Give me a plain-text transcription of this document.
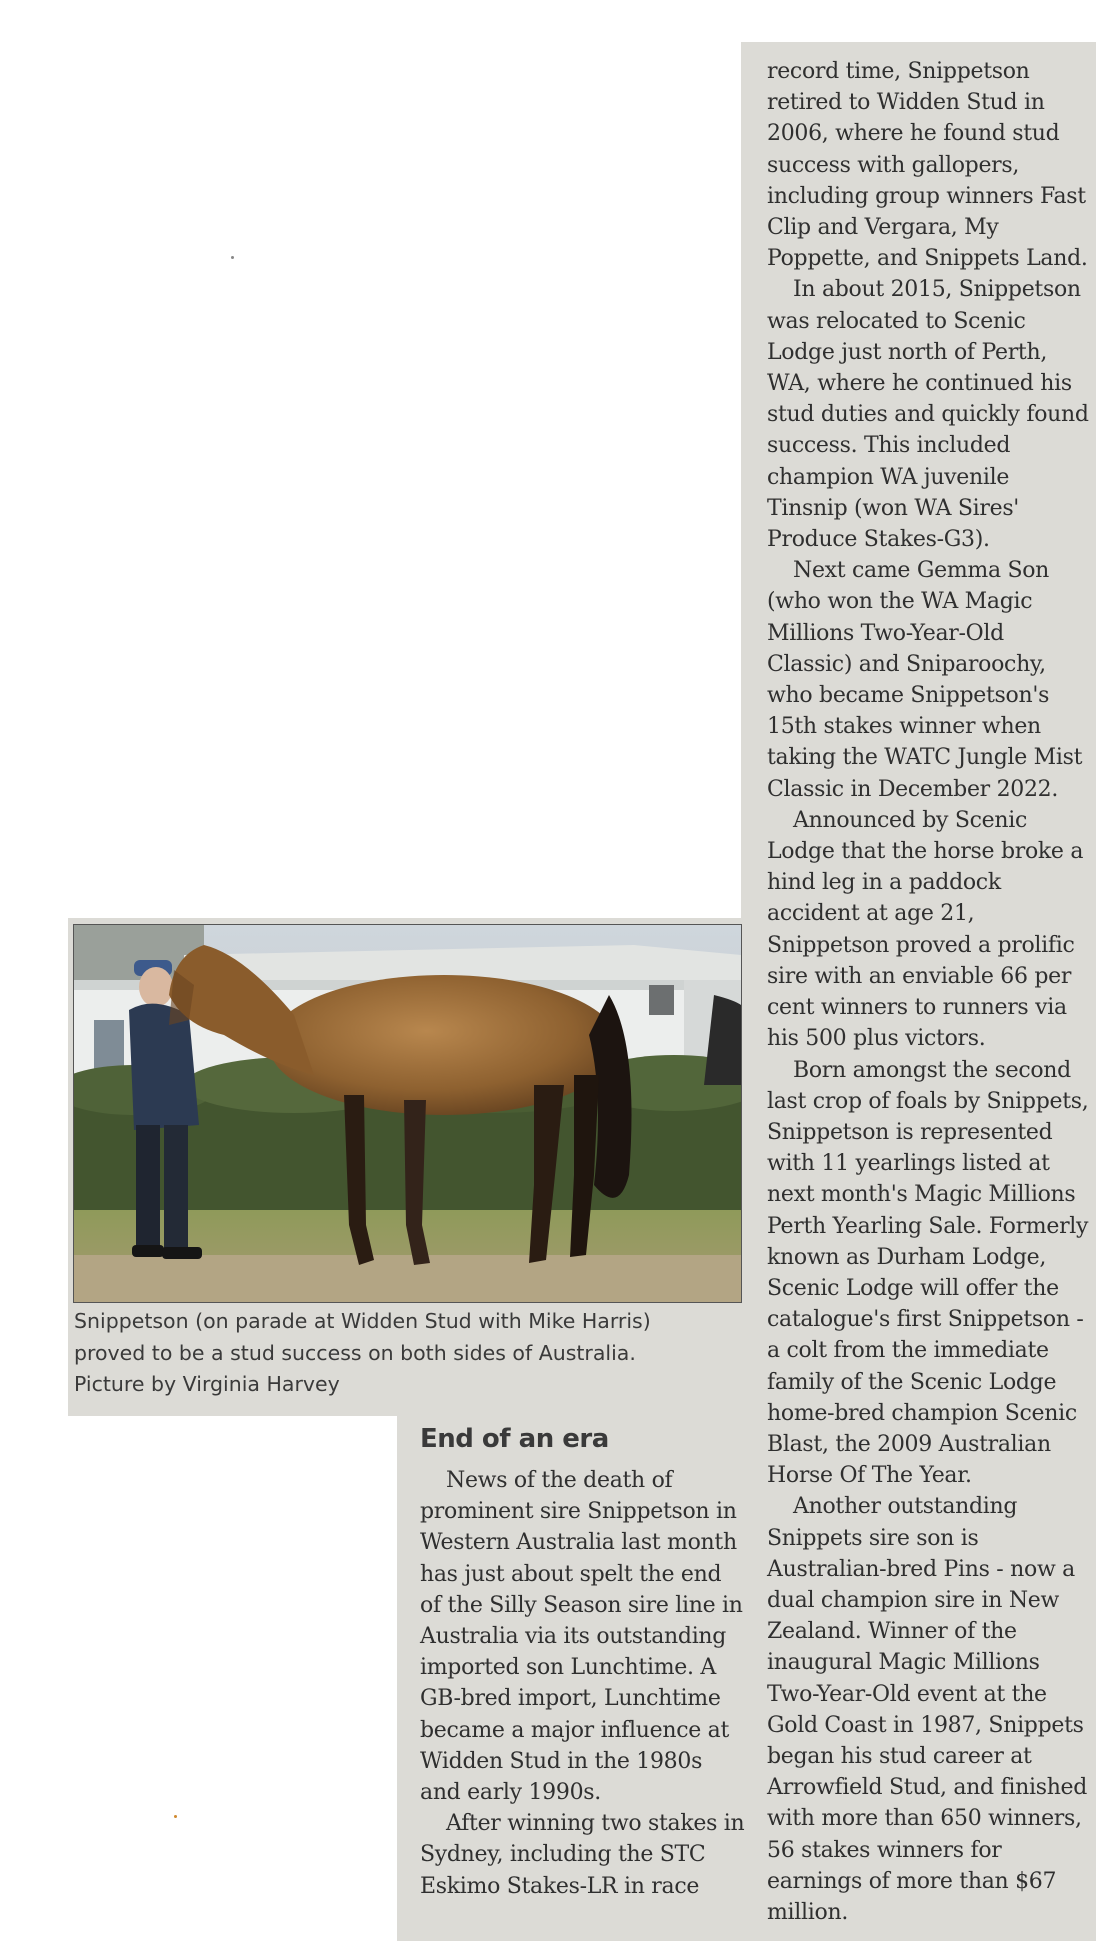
Snippetson (on parade at Widden Stud with Mike Harris)
proved to be a stud success on both sides of Australia.
Picture by Virginia Harvey
End of an era

News of the death of prominent sire Snippetson in Western Australia last month has just about spelt the end of the Silly Season sire line in Australia via its outstanding imported son Lunchtime. A GB-bred import, Lunchtime became a major influence at Widden Stud in the 1980s and early 1990s.

After winning two stakes in Sydney, including the STC Eskimo Stakes-LR in race

record time, Snippetson retired to Widden Stud in 2006, where he found stud success with gallopers, including group winners Fast Clip and Vergara, My Poppette, and Snippets Land.

In about 2015, Snippetson was relocated to Scenic Lodge just north of Perth, WA, where he continued his stud duties and quickly found success. This included champion WA juvenile Tinsnip (won WA Sires' Produce Stakes-G3).

Next came Gemma Son (who won the WA Magic Millions Two-Year-Old Classic) and Sniparoochy, who became Snippetson's 15th stakes winner when taking the WATC Jungle Mist Classic in December 2022.

Announced by Scenic Lodge that the horse broke a hind leg in a paddock accident at age 21, Snippetson proved a prolific sire with an enviable 66 per cent winners to runners via his 500 plus victors.

Born amongst the second last crop of foals by Snippets, Snippetson is represented with 11 yearlings listed at next month's Magic Millions Perth Yearling Sale. Formerly known as Durham Lodge, Scenic Lodge will offer the catalogue's first Snippetson - a colt from the immediate family of the Scenic Lodge home-bred champion Scenic Blast, the 2009 Australian Horse Of The Year.

Another outstanding Snippets sire son is Australian-bred Pins - now a dual champion sire in New Zealand. Winner of the inaugural Magic Millions Two-Year-Old event at the Gold Coast in 1987, Snippets began his stud career at Arrowfield Stud, and finished with more than 650 winners, 56 stakes winners for earnings of more than $67 million.
